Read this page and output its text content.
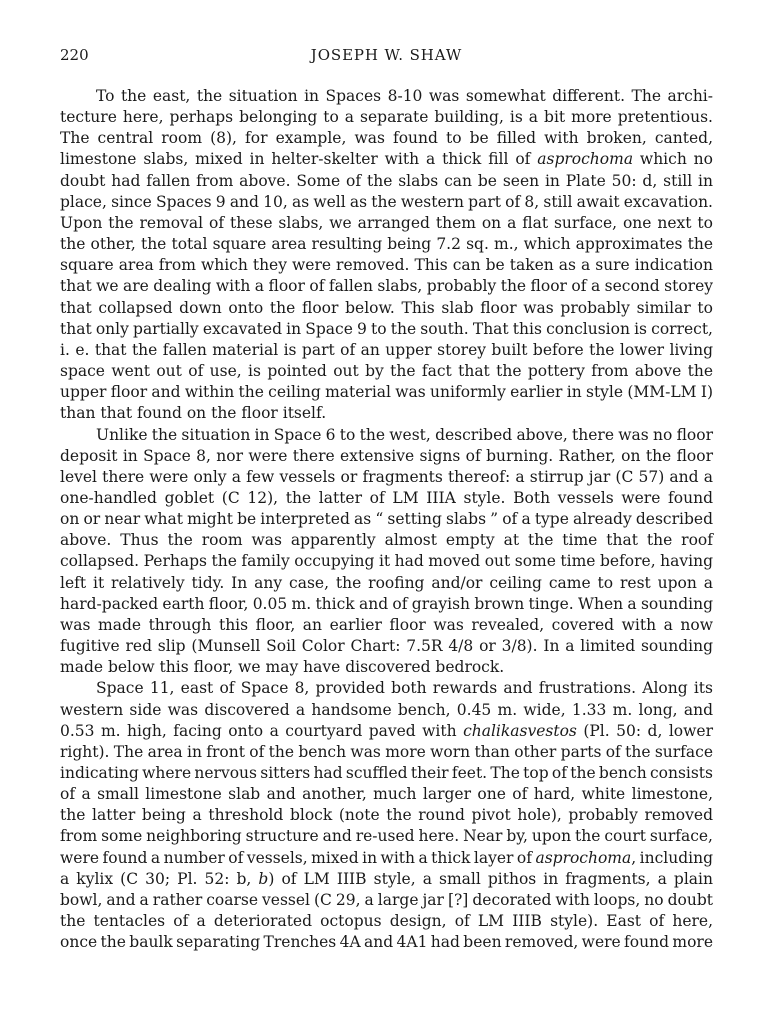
220	JOSEPH W. SHAW
To the east, the situation in Spaces 8-10 was somewhat different. The archi-
tecture here, perhaps belonging to a separate building, is a bit more pretentious.
The central room (8), for example, was found to be filled with broken, canted,
limestone slabs, mixed in helter-skelter with a thick fill of asprochoma which no
doubt had fallen from above. Some of the slabs can be seen in Plate 50: d, still in
place, since Spaces 9 and 10, as well as the western part of 8, still await excavation.
Upon the removal of these slabs, we arranged them on a flat surface, one next to
the other, the total square area resulting being 7.2 sq. m., which approximates the
square area from which they were removed. This can be taken as a sure indication
that we are dealing with a floor of fallen slabs, probably the floor of a second storey
that collapsed down onto the floor below. This slab floor was probably similar to
that only partially excavated in Space 9 to the south. That this conclusion is correct,
i. e. that the fallen material is part of an upper storey built before the lower living
space went out of use, is pointed out by the fact that the pottery from above the
upper floor and within the ceiling material was uniformly earlier in style (MM-LM I)
than that found on the floor itself.
Unlike the situation in Space 6 to the west, described above, there was no floor
deposit in Space 8, nor were there extensive signs of burning. Rather, on the floor
level there were only a few vessels or fragments thereof: a stirrup jar (C 57) and a
one-handled goblet (C 12), the latter of LM IIIA style. Both vessels were found
on or near what might be interpreted as “ setting slabs ” of a type already described
above. Thus the room was apparently almost empty at the time that the roof
collapsed. Perhaps the family occupying it had moved out some time before, having
left it relatively tidy. In any case, the roofing and/or ceiling came to rest upon a
hard-packed earth floor, 0.05 m. thick and of grayish brown tinge. When a sounding
was made through this floor, an earlier floor was revealed, covered with a now
fugitive red slip (Munsell Soil Color Chart: 7.5R 4/8 or 3/8). In a limited sounding
made below this floor, we may have discovered bedrock.
Space 11, east of Space 8, provided both rewards and frustrations. Along its
western side was discovered a handsome bench, 0.45 m. wide, 1.33 m. long, and
0.53 m. high, facing onto a courtyard paved with chalikasvestos (Pl. 50: d, lower
right). The area in front of the bench was more worn than other parts of the surface
indicating where nervous sitters had scuffled their feet. The top of the bench consists
of a small limestone slab and another, much larger one of hard, white limestone,
the latter being a threshold block (note the round pivot hole), probably removed
from some neighboring structure and re-used here. Near by, upon the court surface,
were found a number of vessels, mixed in with a thick layer of asprochoma, including
a kylix (C 30; Pl. 52: b, b) of LM IIIB style, a small pithos in fragments, a plain
bowl, and a rather coarse vessel (C 29, a large jar [?] decorated with loops, no doubt
the tentacles of a deteriorated octopus design, of LM IIIB style). East of here,
once the baulk separating Trenches 4A and 4A1 had been removed, were found more
